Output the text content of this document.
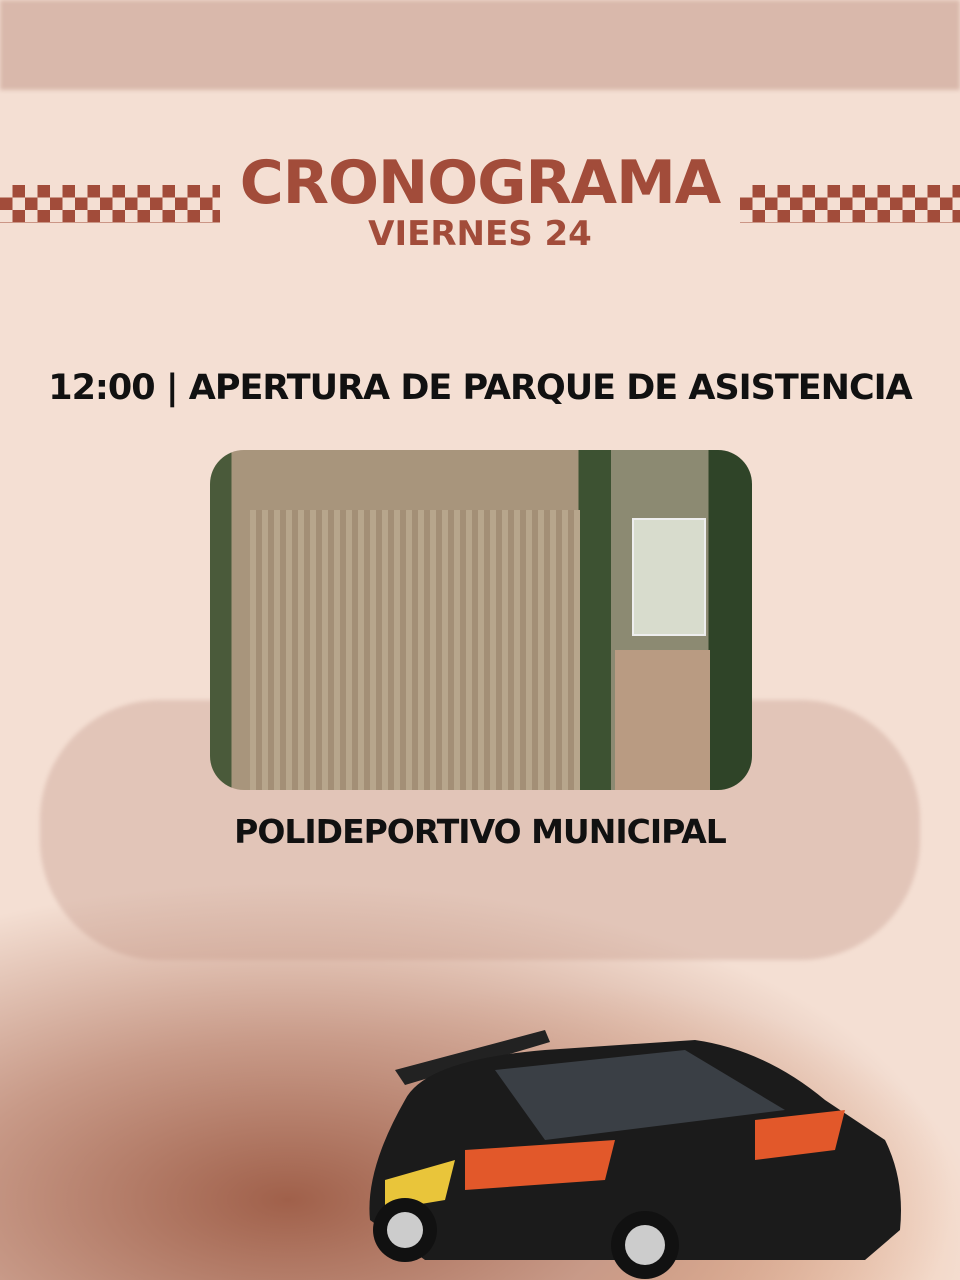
CRONOGRAMA
VIERNES 24
12:00 | APERTURA DE PARQUE DE ASISTENCIA
POLIDEPORTIVO MUNICIPAL
